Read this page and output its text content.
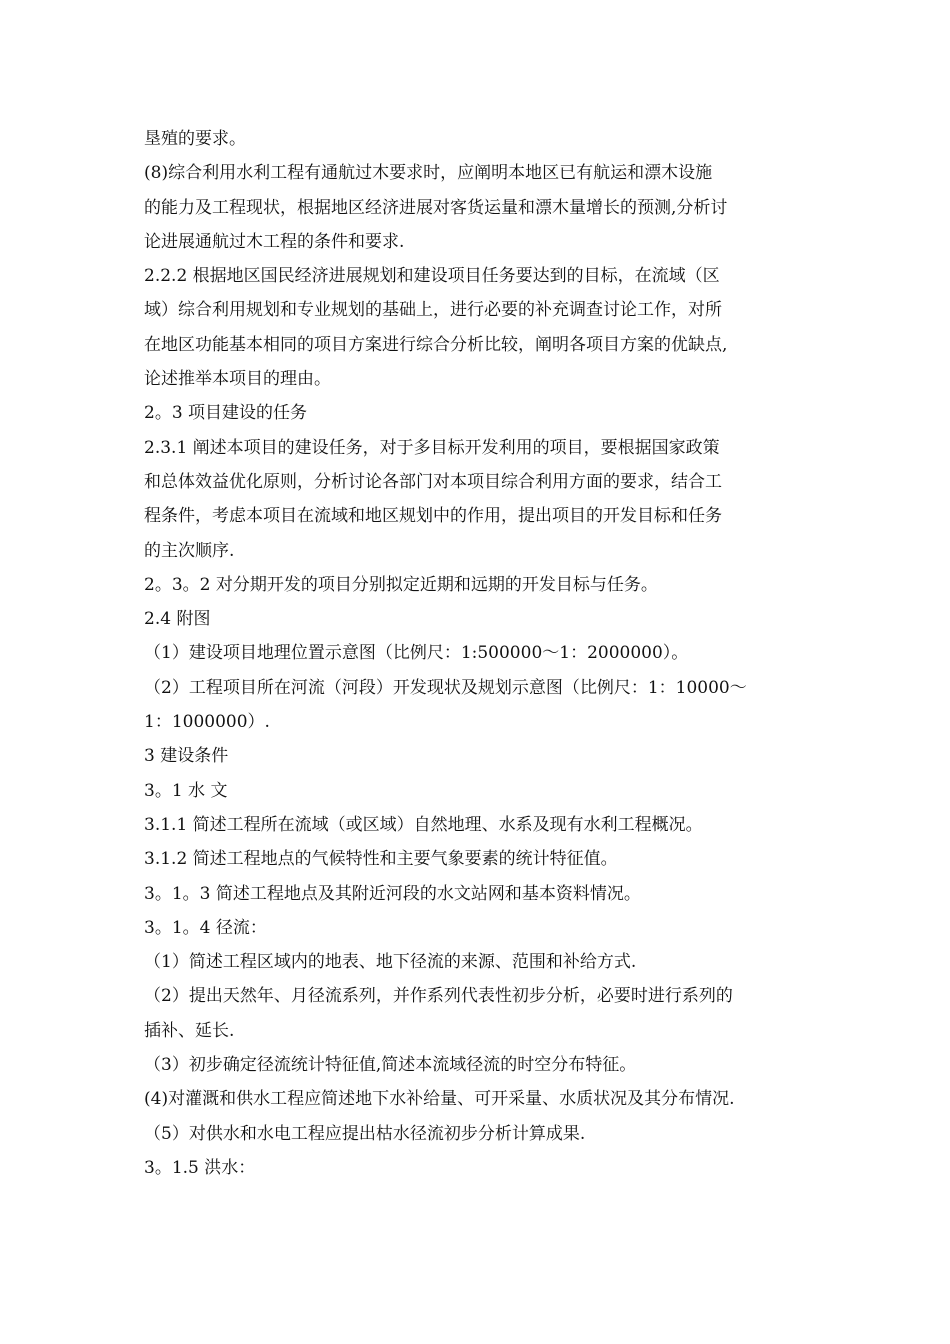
垦殖的要求。
(8)综合利用水利工程有通航过木要求时，应阐明本地区已有航运和漂木设施
的能力及工程现状，根据地区经济进展对客货运量和漂木量增长的预测,分析讨
论进展通航过木工程的条件和要求.
2.2.2 根据地区国民经济进展规划和建设项目任务要达到的目标，在流域（区
域）综合利用规划和专业规划的基础上，进行必要的补充调查讨论工作，对所
在地区功能基本相同的项目方案进行综合分析比较，阐明各项目方案的优缺点,
论述推举本项目的理由。
2。3 项目建设的任务
2.3.1 阐述本项目的建设任务，对于多目标开发利用的项目，要根据国家政策
和总体效益优化原则，分析讨论各部门对本项目综合利用方面的要求，结合工
程条件，考虑本项目在流域和地区规划中的作用，提出项目的开发目标和任务
的主次顺序.
2。3。2 对分期开发的项目分别拟定近期和远期的开发目标与任务。
2.4 附图
（1）建设项目地理位置示意图（比例尺：1:500000～1：2000000）。
（2）工程项目所在河流（河段）开发现状及规划示意图（比例尺：1：10000～
1：1000000）.
3 建设条件
3。1 水 文
3.1.1 简述工程所在流域（或区域）自然地理、水系及现有水利工程概况。
3.1.2 简述工程地点的气候特性和主要气象要素的统计特征值。
3。1。3 简述工程地点及其附近河段的水文站网和基本资料情况。
3。1。4 径流：
（1）简述工程区域内的地表、地下径流的来源、范围和补给方式.
（2）提出天然年、月径流系列，并作系列代表性初步分析，必要时进行系列的
插补、延长.
（3）初步确定径流统计特征值,简述本流域径流的时空分布特征。
(4)对灌溉和供水工程应简述地下水补给量、可开采量、水质状况及其分布情况.
（5）对供水和水电工程应提出枯水径流初步分析计算成果.
3。1.5 洪水：
